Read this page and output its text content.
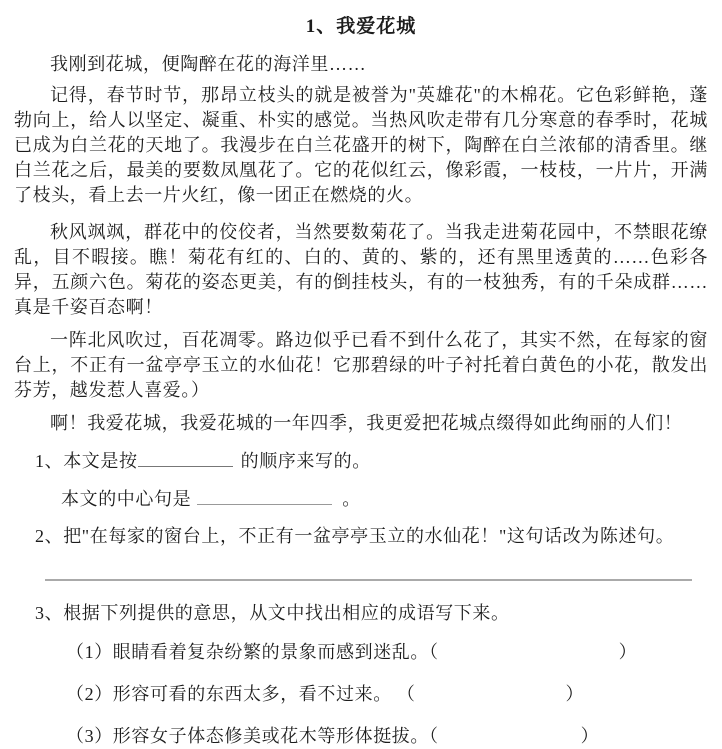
1、我爱花城

我刚到花城，便陶醉在花的海洋里……

记得，春节时节，那昂立枝头的就是被誉为"英雄花"的木棉花。它色彩鲜艳，蓬勃向上，给人以坚定、凝重、朴实的感觉。当热风吹走带有几分寒意的春季时，花城已成为白兰花的天地了。我漫步在白兰花盛开的树下，陶醉在白兰浓郁的清香里。继白兰花之后，最美的要数凤凰花了。它的花似红云，像彩霞，一枝枝，一片片，开满了枝头，看上去一片火红，像一团正在燃烧的火。

秋风飒飒，群花中的佼佼者，当然要数菊花了。当我走进菊花园中，不禁眼花缭乱，目不暇接。瞧！菊花有红的、白的、黄的、紫的，还有黑里透黄的……色彩各异，五颜六色。菊花的姿态更美，有的倒挂枝头，有的一枝独秀，有的千朵成群……真是千姿百态啊！

一阵北风吹过，百花凋零。路边似乎已看不到什么花了，其实不然，在每家的窗台上，不正有一盆亭亭玉立的水仙花！它那碧绿的叶子衬托着白黄色的小花，散发出芬芳，越发惹人喜爱。）

啊！我爱花城，我爱花城的一年四季，我更爱把花城点缀得如此绚丽的人们！

1、本文是按	的顺序来写的。
本文的中心句是	。
2、把"在每家的窗台上，不正有一盆亭亭玉立的水仙花！"这句话改为陈述句。
3、根据下列提供的意思，从文中找出相应的成语写下来。
（1）眼睛看着复杂纷繁的景象而感到迷乱。（	）
（2）形容可看的东西太多，看不过来。 （	）
（3）形容女子体态修美或花木等形体挺拔。（	）
